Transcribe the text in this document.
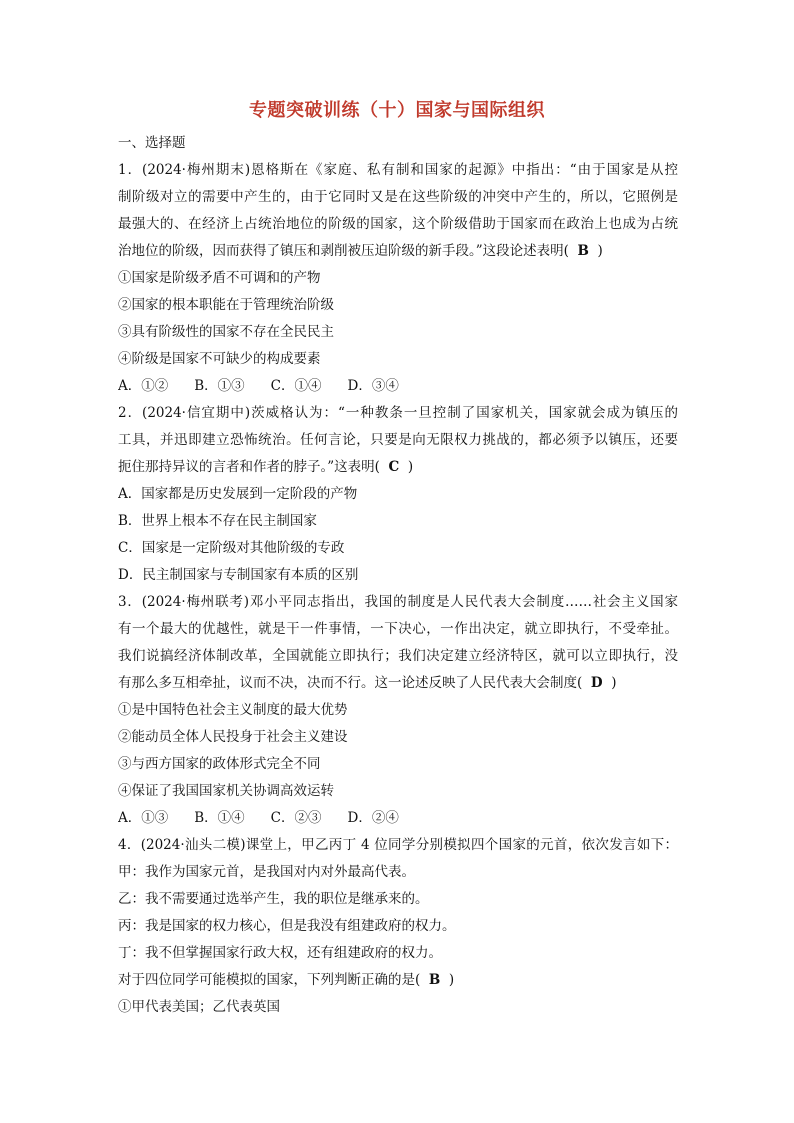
专题突破训练（十）国家与国际组织
一、选择题
1．(2024·梅州期末)恩格斯在《家庭、私有制和国家的起源》中指出：“由于国家是从控
制阶级对立的需要中产生的，由于它同时又是在这些阶级的冲突中产生的，所以，它照例是
最强大的、在经济上占统治地位的阶级的国家，这个阶级借助于国家而在政治上也成为占统
治地位的阶级，因而获得了镇压和剥削被压迫阶级的新手段。”这段论述表明( B )
①国家是阶级矛盾不可调和的产物
②国家的根本职能在于管理统治阶级
③具有阶级性的国家不存在全民民主
④阶级是国家不可缺少的构成要素
A．①② B．①③ C．①④ D．③④
2．(2024·信宜期中)茨威格认为：“一种教条一旦控制了国家机关，国家就会成为镇压的
工具，并迅即建立恐怖统治。任何言论，只要是向无限权力挑战的，都必须予以镇压，还要
扼住那持异议的言者和作者的脖子。”这表明( C )
A．国家都是历史发展到一定阶段的产物
B．世界上根本不存在民主制国家
C．国家是一定阶级对其他阶级的专政
D．民主制国家与专制国家有本质的区别
3．(2024·梅州联考)邓小平同志指出，我国的制度是人民代表大会制度……社会主义国家
有一个最大的优越性，就是干一件事情，一下决心，一作出决定，就立即执行，不受牵扯。
我们说搞经济体制改革，全国就能立即执行；我们决定建立经济特区，就可以立即执行，没
有那么多互相牵扯，议而不决，决而不行。这一论述反映了人民代表大会制度( D )
①是中国特色社会主义制度的最大优势
②能动员全体人民投身于社会主义建设
③与西方国家的政体形式完全不同
④保证了我国国家机关协调高效运转
A．①③ B．①④ C．②③ D．②④
4．(2024·汕头二模)课堂上，甲乙丙丁 4 位同学分别模拟四个国家的元首，依次发言如下：
甲：我作为国家元首，是我国对内对外最高代表。
乙：我不需要通过选举产生，我的职位是继承来的。
丙：我是国家的权力核心，但是我没有组建政府的权力。
丁：我不但掌握国家行政大权，还有组建政府的权力。
对于四位同学可能模拟的国家，下列判断正确的是( B )
①甲代表美国；乙代表英国
